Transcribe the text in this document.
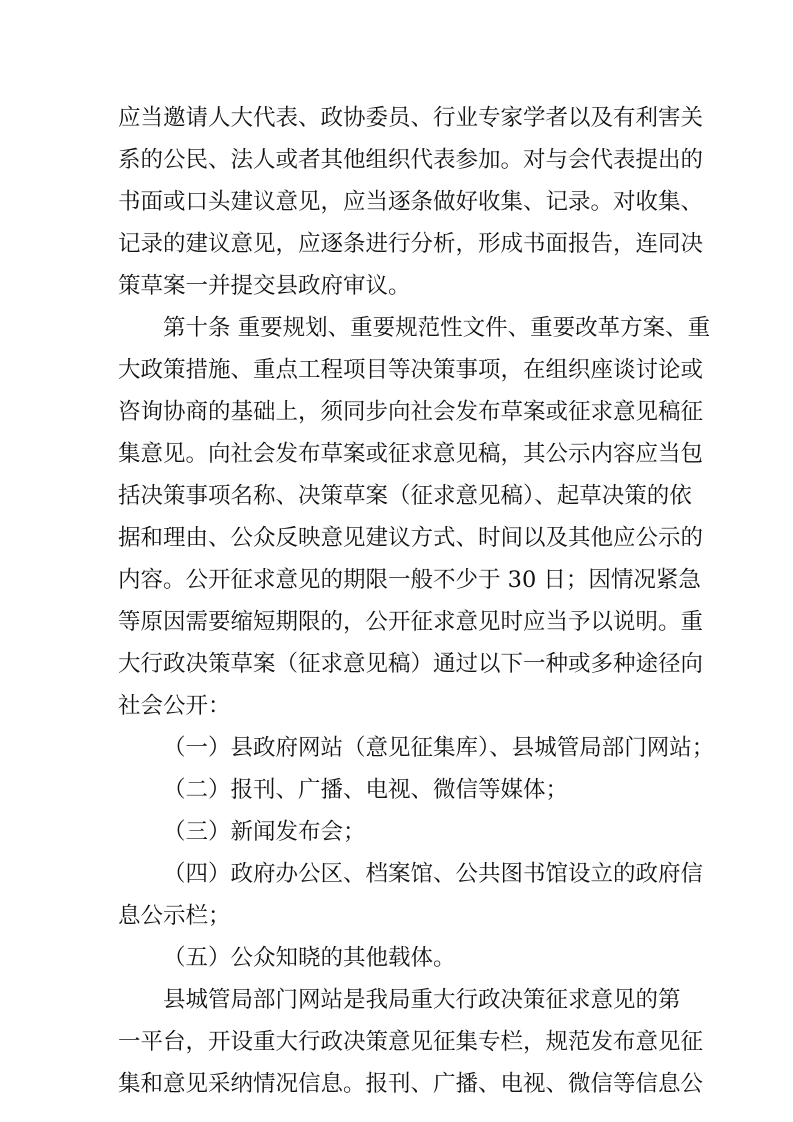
应当邀请人大代表、政协委员、行业专家学者以及有利害关
系的公民、法人或者其他组织代表参加。对与会代表提出的
书面或口头建议意见，应当逐条做好收集、记录。对收集、
记录的建议意见，应逐条进行分析，形成书面报告，连同决
策草案一并提交县政府审议。
第十条 重要规划、重要规范性文件、重要改革方案、重
大政策措施、重点工程项目等决策事项，在组织座谈讨论或
咨询协商的基础上，须同步向社会发布草案或征求意见稿征
集意见。向社会发布草案或征求意见稿，其公示内容应当包
括决策事项名称、决策草案（征求意见稿）、起草决策的依
据和理由、公众反映意见建议方式、时间以及其他应公示的
内容。公开征求意见的期限一般不少于 30 日；因情况紧急
等原因需要缩短期限的，公开征求意见时应当予以说明。重
大行政决策草案（征求意见稿）通过以下一种或多种途径向
社会公开：
（一）县政府网站（意见征集库）、县城管局部门网站；
（二）报刊、广播、电视、微信等媒体；
（三）新闻发布会；
（四）政府办公区、档案馆、公共图书馆设立的政府信
息公示栏；
（五）公众知晓的其他载体。
县城管局部门网站是我局重大行政决策征求意见的第
一平台，开设重大行政决策意见征集专栏，规范发布意见征
集和意见采纳情况信息。报刊、广播、电视、微信等信息公
